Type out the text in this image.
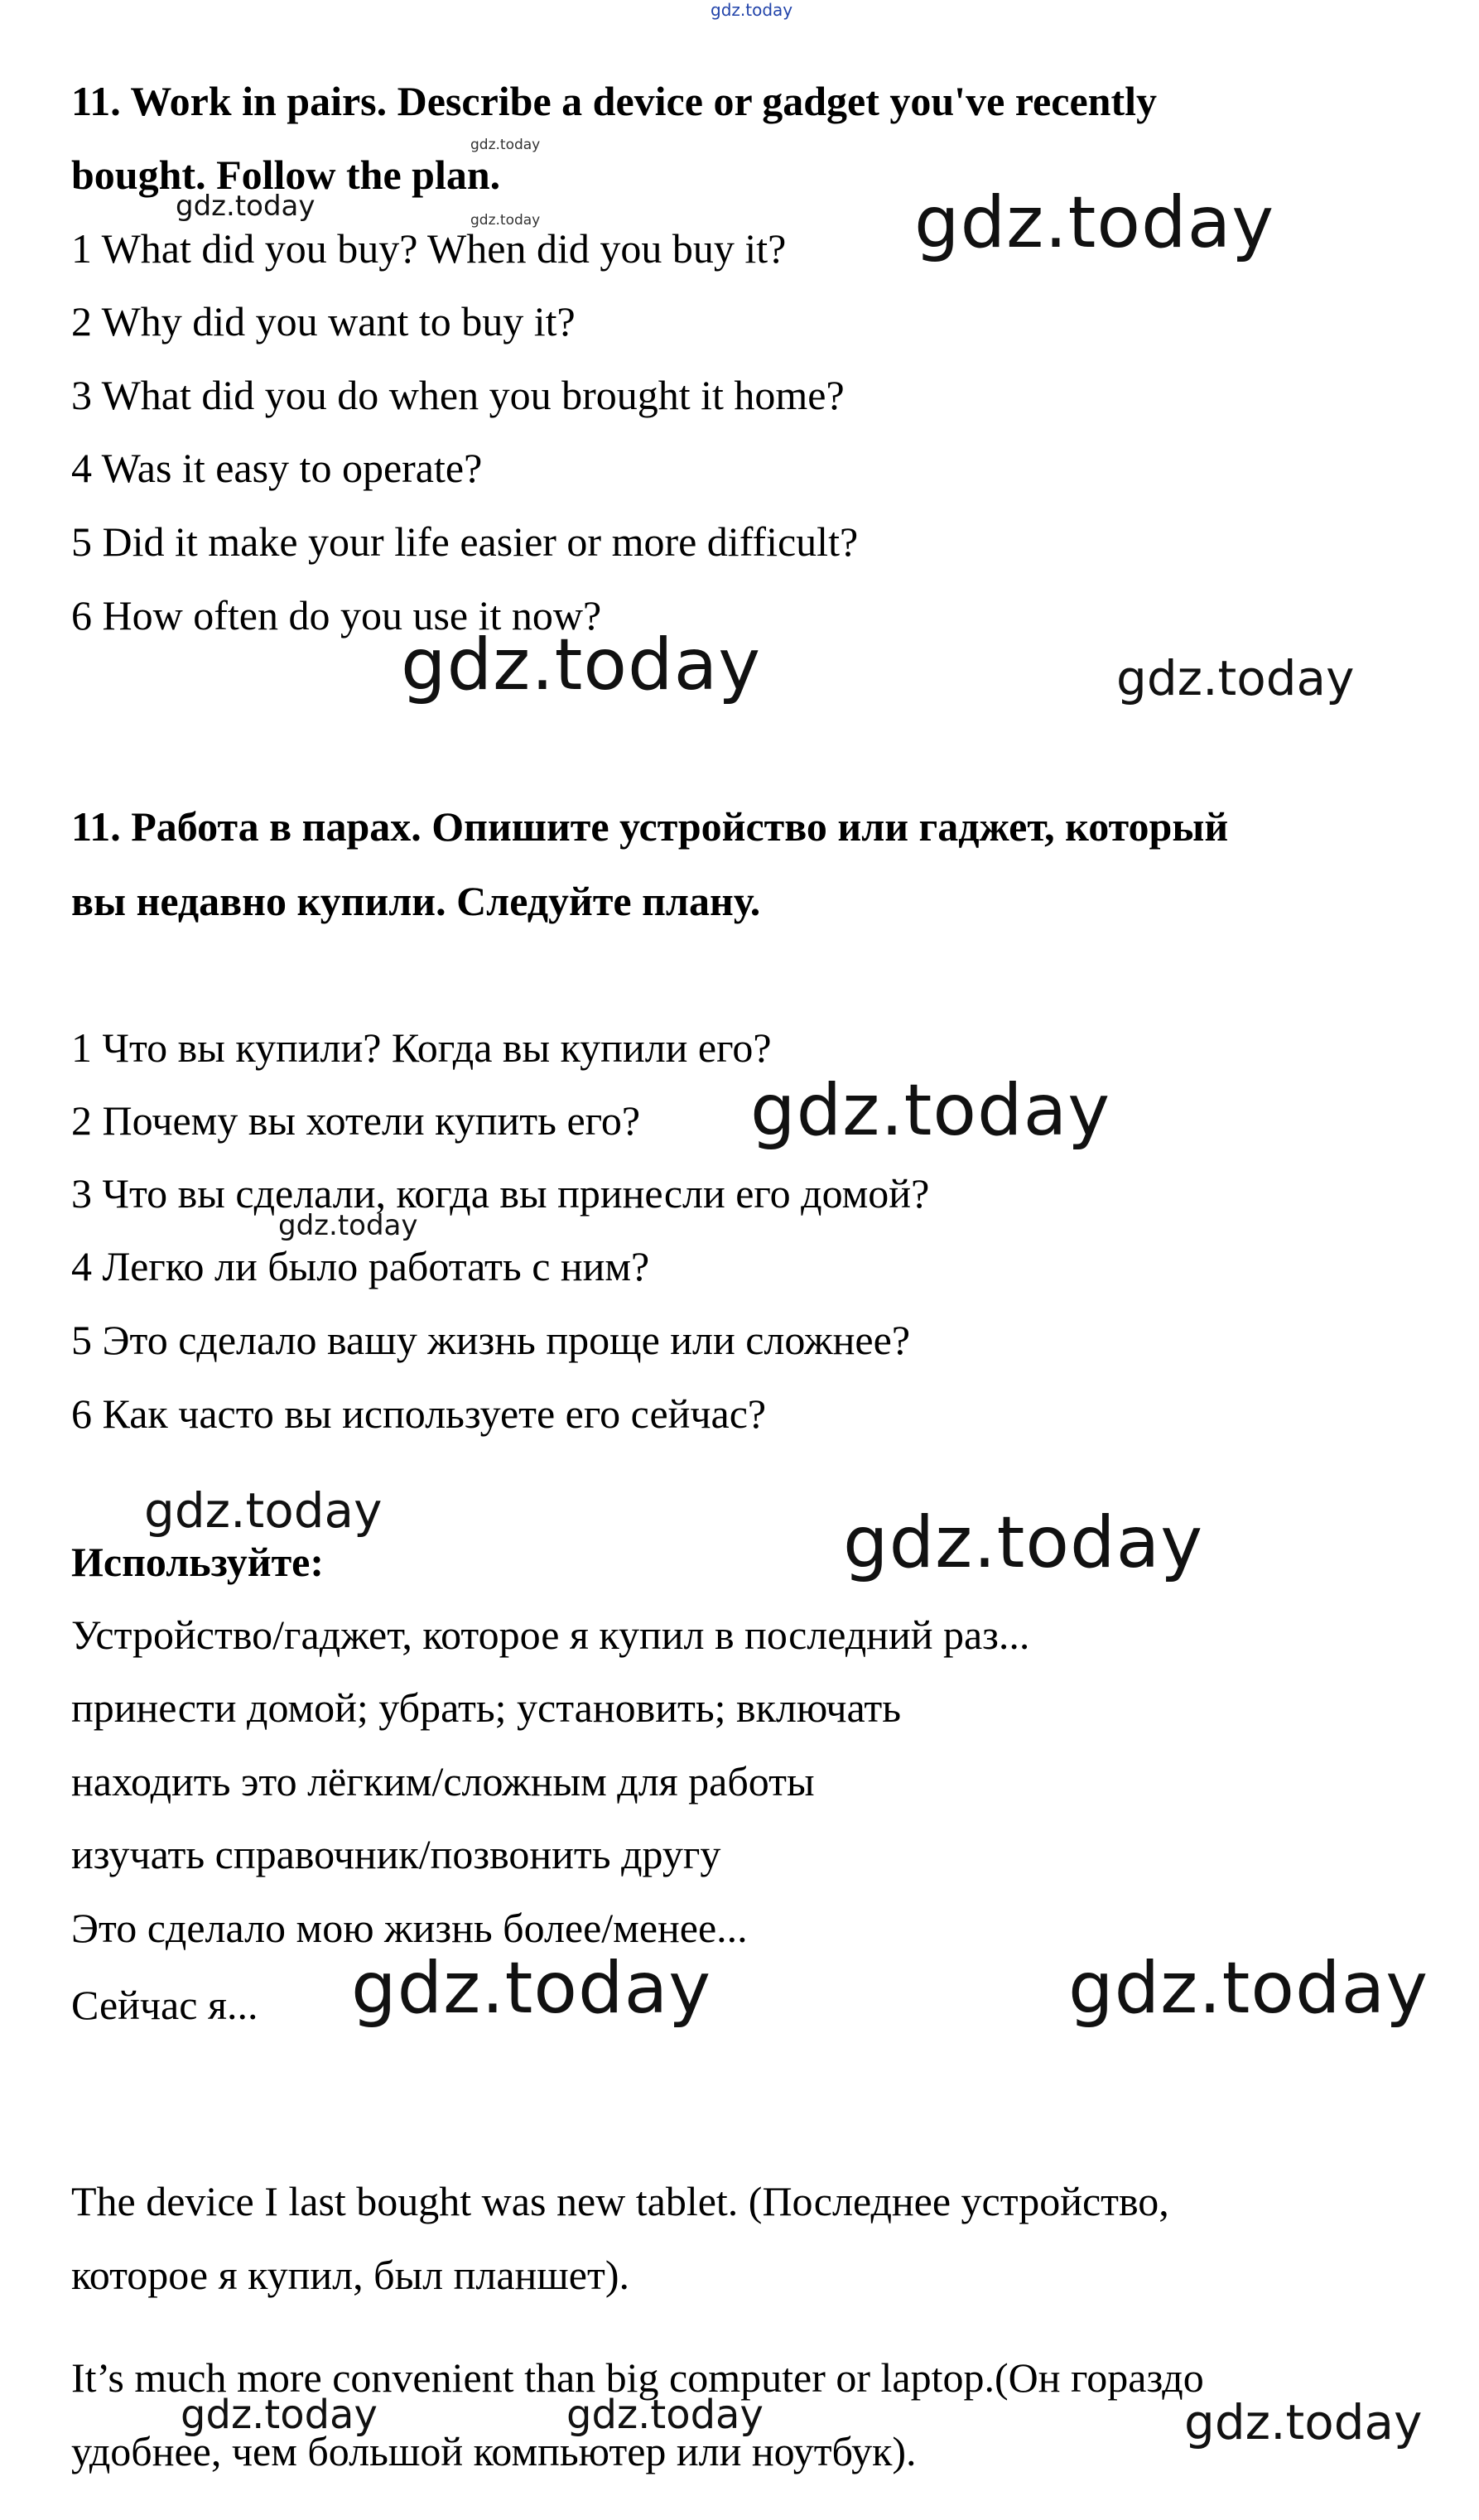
11. Work in pairs. Describe a device or gadget you've recently
bought. Follow the plan.
1 What did you buy? When did you buy it?
2 Why did you want to buy it?
3 What did you do when you brought it home?
4 Was it easy to operate?
5 Did it make your life easier or more difficult?
6 How often do you use it now?
11. Работа в парах. Опишите устройство или гаджет, который
вы недавно купили. Следуйте плану.
1 Что вы купили? Когда вы купили его?
2 Почему вы хотели купить его?
3 Что вы сделали, когда вы принесли его домой?
4 Легко ли было работать с ним?
5 Это сделало вашу жизнь проще или сложнее?
6 Как часто вы используете его сейчас?
Используйте:
Устройство/гаджет, которое я купил в последний раз...
принести домой; убрать; установить; включать
находить это лёгким/сложным для работы
изучать справочник/позвонить другу
Это сделало мою жизнь более/менее...
Сейчас я...
The device I last bought was new tablet. (Последнее устройство,
которое я купил, был планшет).
It’s much more convenient than big computer or laptop.(Он гораздо
удобнее, чем большой компьютер или ноутбук).
gdz.today
gdz.today
gdz.today
gdz.today	gdz.today
gdz.today	gdz.today
gdz.today
gdz.today
gdz.today	gdz.today
gdz.today	gdz.today
gdz.today	gdz.today	gdz.today
